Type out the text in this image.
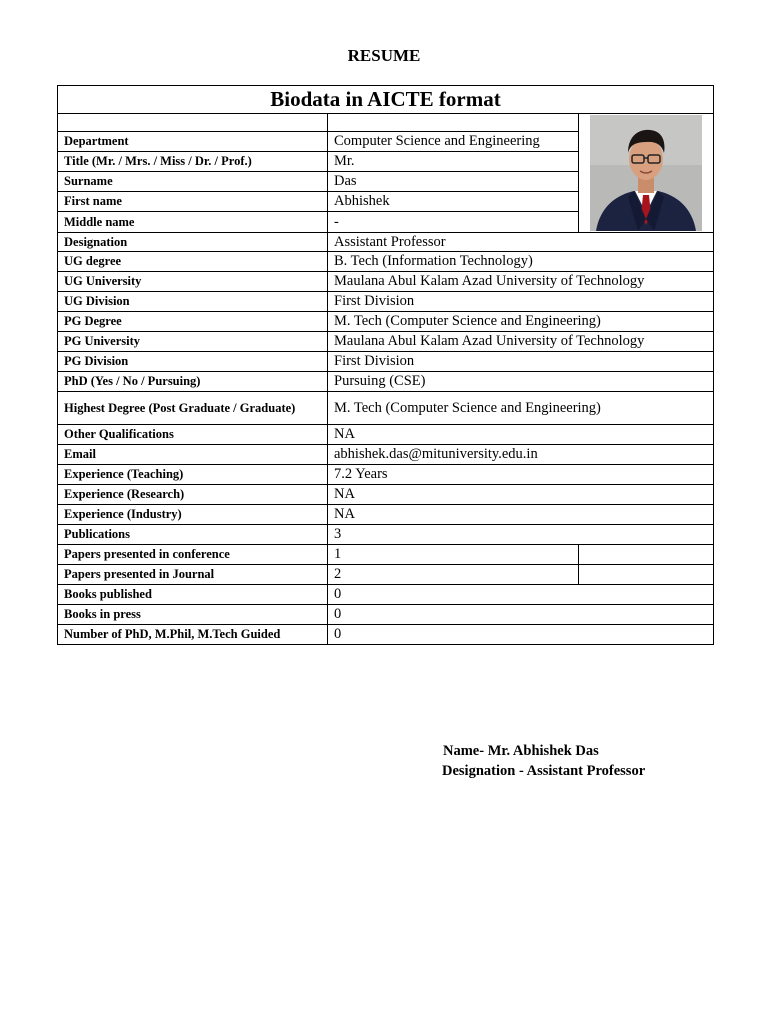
RESUME
Biodata in AICTE format		

Department	Computer Science and Engineering	
Title (Mr. / Mrs. / Miss / Dr. / Prof.)	Mr.	
Surname	Das	
First name	Abhishek	
Middle name	-	
Designation	Assistant Professor	
UG degree	B. Tech (Information Technology)	
UG University	Maulana Abul Kalam Azad University of Technology	
UG Division	First Division	
PG Degree	M. Tech (Computer Science and Engineering)	
PG University	Maulana Abul Kalam Azad University of Technology	
PG Division	First Division	
PhD (Yes / No / Pursuing)	Pursuing (CSE)	
Highest Degree (Post Graduate / Graduate)	M. Tech (Computer Science and Engineering)	
Other Qualifications	NA	
Email	abhishek.das@mituniversity.edu.in	
Experience (Teaching)	7.2 Years	
Experience (Research)	NA	
Experience (Industry)	NA	
Publications	3	
Papers presented in conference	1	
Papers presented in Journal	2	
Books published	0	
Books in press	0	
Number of PhD, M.Phil, M.Tech Guided	0	
Name- Mr. Abhishek Das
Designation - Assistant Professor
